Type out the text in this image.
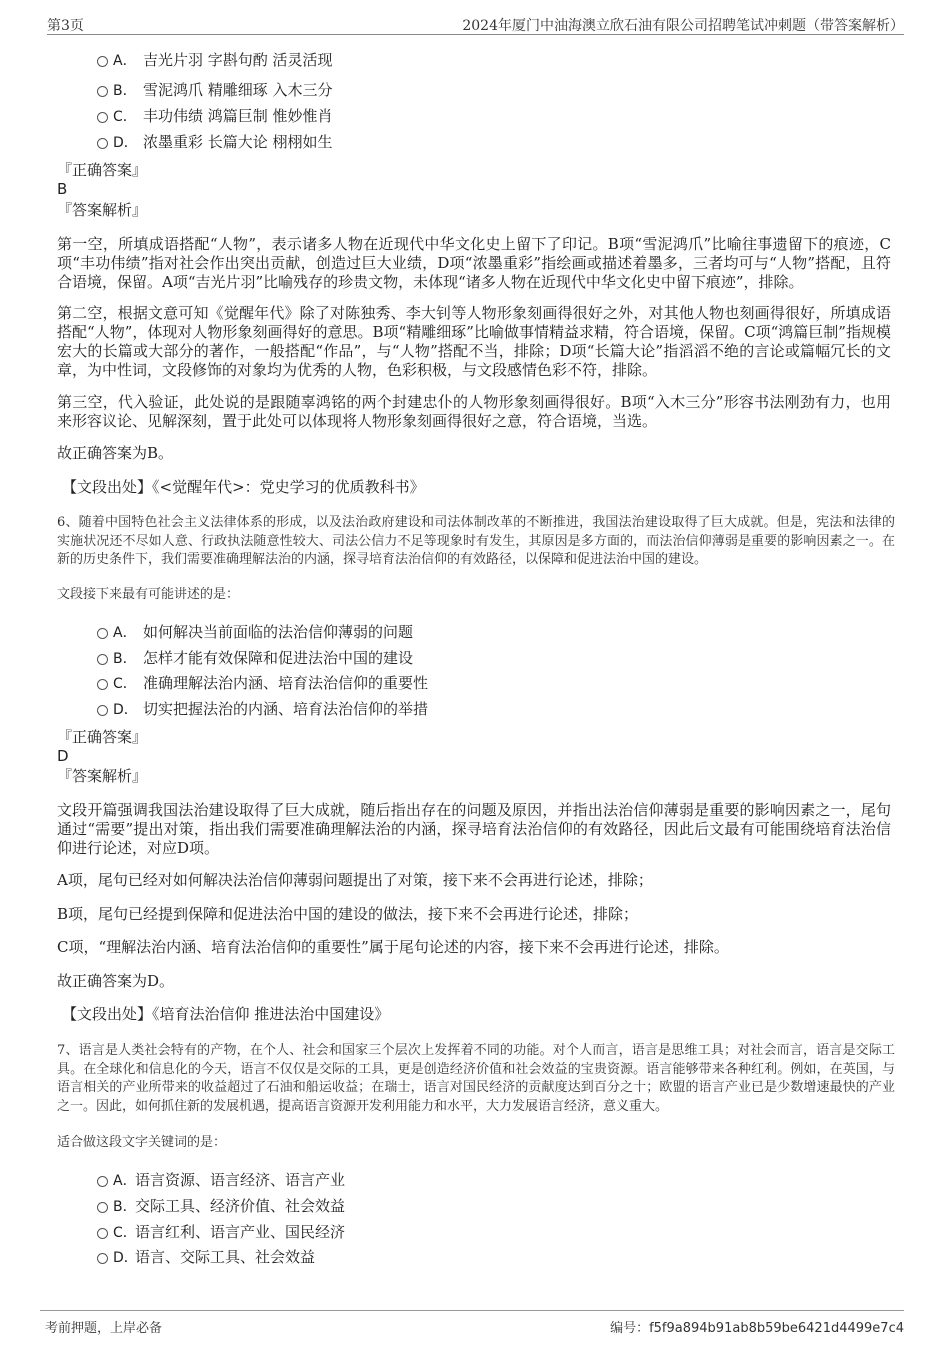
第3页	2024年厦门中油海澳立欣石油有限公司招聘笔试冲刺题（带答案解析）
A． 吉光片羽 字斟句酌 活灵活现
B． 雪泥鸿爪 精雕细琢 入木三分
C． 丰功伟绩 鸿篇巨制 惟妙惟肖
D． 浓墨重彩 长篇大论 栩栩如生
『正确答案』
B
『答案解析』
第一空，所填成语搭配“人物”，表示诸多人物在近现代中华文化史上留下了印记。B项“雪泥鸿爪”比喻往事遗留下的痕迹，C项“丰功伟绩”指对社会作出突出贡献，创造过巨大业绩，D项“浓墨重彩”指绘画或描述着墨多，三者均可与“人物”搭配，且符合语境，保留。A项“吉光片羽”比喻残存的珍贵文物，未体现“诸多人物在近现代中华文化史中留下痕迹”，排除。
第二空，根据文意可知《觉醒年代》除了对陈独秀、李大钊等人物形象刻画得很好之外，对其他人物也刻画得很好，所填成语搭配“人物”，体现对人物形象刻画得好的意思。B项“精雕细琢”比喻做事情精益求精，符合语境，保留。C项“鸿篇巨制”指规模宏大的长篇或大部分的著作，一般搭配“作品”，与“人物”搭配不当，排除；D项“长篇大论”指滔滔不绝的言论或篇幅冗长的文章，为中性词，文段修饰的对象均为优秀的人物，色彩积极，与文段感情色彩不符，排除。
第三空，代入验证，此处说的是跟随辜鸿铭的两个封建忠仆的人物形象刻画得很好。B项“入木三分”形容书法刚劲有力，也用来形容议论、见解深刻，置于此处可以体现将人物形象刻画得很好之意，符合语境，当选。
故正确答案为B。
【文段出处】《<觉醒年代>：党史学习的优质教科书》
6、随着中国特色社会主义法律体系的形成，以及法治政府建设和司法体制改革的不断推进，我国法治建设取得了巨大成就。但是，宪法和法律的实施状况还不尽如人意、行政执法随意性较大、司法公信力不足等现象时有发生，其原因是多方面的，而法治信仰薄弱是重要的影响因素之一。在新的历史条件下，我们需要准确理解法治的内涵，探寻培育法治信仰的有效路径，以保障和促进法治中国的建设。
文段接下来最有可能讲述的是：
A． 如何解决当前面临的法治信仰薄弱的问题
B． 怎样才能有效保障和促进法治中国的建设
C． 准确理解法治内涵、培育法治信仰的重要性
D． 切实把握法治的内涵、培育法治信仰的举措
『正确答案』
D
『答案解析』
文段开篇强调我国法治建设取得了巨大成就，随后指出存在的问题及原因，并指出法治信仰薄弱是重要的影响因素之一，尾句通过“需要”提出对策，指出我们需要准确理解法治的内涵，探寻培育法治信仰的有效路径，因此后文最有可能围绕培育法治信仰进行论述，对应D项。
A项，尾句已经对如何解决法治信仰薄弱问题提出了对策，接下来不会再进行论述，排除；
B项，尾句已经提到保障和促进法治中国的建设的做法，接下来不会再进行论述，排除；
C项，“理解法治内涵、培育法治信仰的重要性”属于尾句论述的内容，接下来不会再进行论述，排除。
故正确答案为D。
【文段出处】《培育法治信仰 推进法治中国建设》
7、语言是人类社会特有的产物，在个人、社会和国家三个层次上发挥着不同的功能。对个人而言，语言是思维工具；对社会而言，语言是交际工具。在全球化和信息化的今天，语言不仅仅是交际的工具，更是创造经济价值和社会效益的宝贵资源。语言能够带来各种红利。例如，在英国，与语言相关的产业所带来的收益超过了石油和船运收益；在瑞士，语言对国民经济的贡献度达到百分之十；欧盟的语言产业已是少数增速最快的产业之一。因此，如何抓住新的发展机遇，提高语言资源开发利用能力和水平，大力发展语言经济，意义重大。
适合做这段文字关键词的是：
A．语言资源、语言经济、语言产业
B．交际工具、经济价值、社会效益
C．语言红利、语言产业、国民经济
D．语言、交际工具、社会效益
考前押题，上岸必备	编号：f5f9a894b91ab8b59be6421d4499e7c4
